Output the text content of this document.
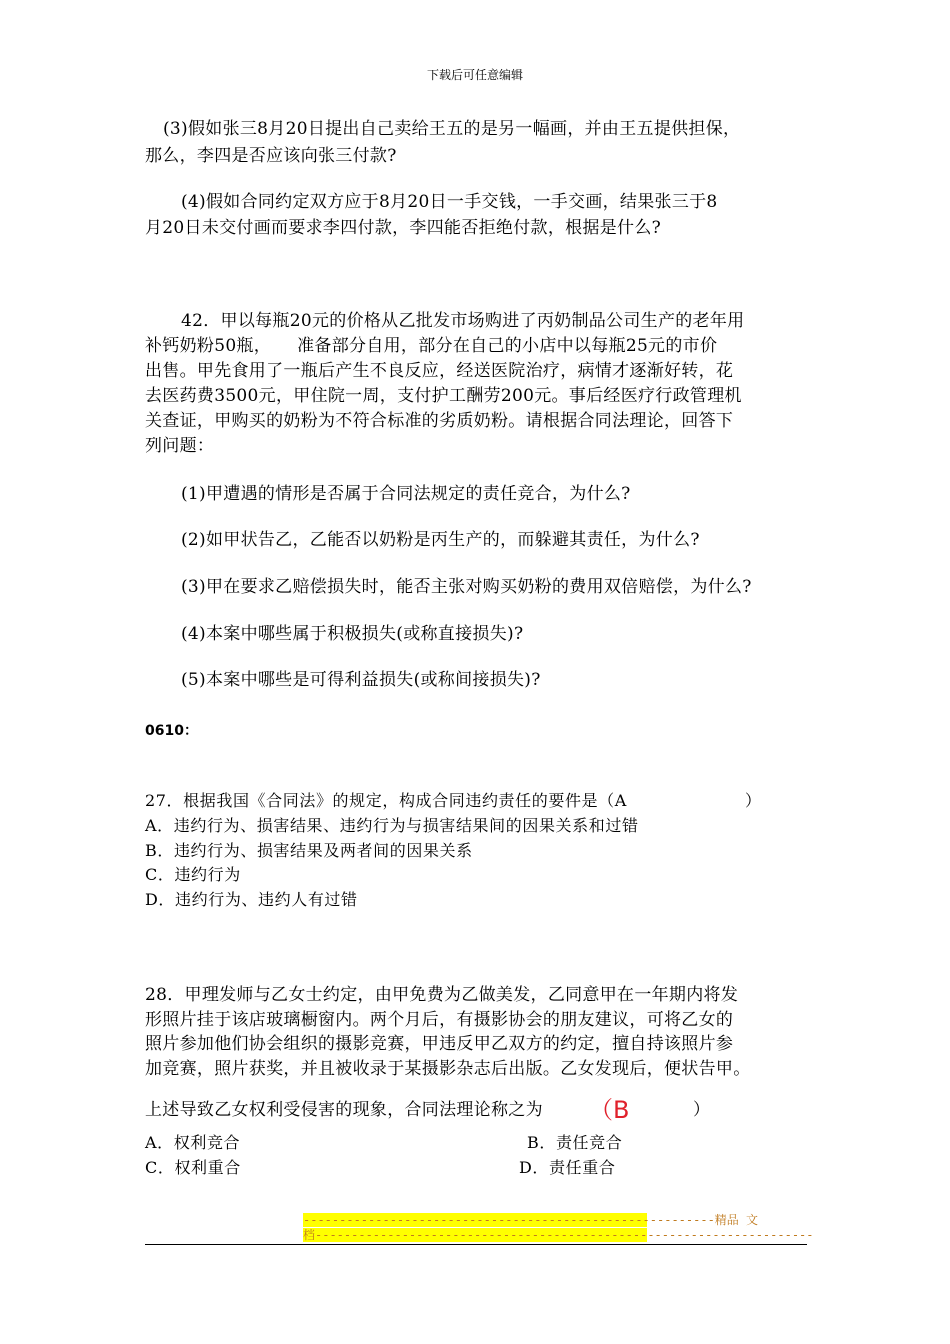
下载后可任意编辑
(3)假如张三8月20日提出自己卖给王五的是另一幅画，并由王五提供担保，
那么，李四是否应该向张三付款?
(4)假如合同约定双方应于8月20日一手交钱，一手交画，结果张三于8
月20日未交付画而要求李四付款，李四能否拒绝付款，根据是什么?
42．甲以每瓶20元的价格从乙批发市场购进了丙奶制品公司生产的老年用
补钙奶粉50瓶，　　准备部分自用，部分在自己的小店中以每瓶25元的市价
出售。甲先食用了一瓶后产生不良反应，经送医院治疗，病情才逐渐好转，花
去医药费3500元，甲住院一周，支付护工酬劳200元。事后经医疗行政管理机
关查证，甲购买的奶粉为不符合标准的劣质奶粉。请根据合同法理论，回答下
列问题：
(1)甲遭遇的情形是否属于合同法规定的责任竞合，为什么?
(2)如甲状告乙，乙能否以奶粉是丙生产的，而躲避其责任，为什么?
(3)甲在要求乙赔偿损失时，能否主张对购买奶粉的费用双倍赔偿，为什么?
(4)本案中哪些属于积极损失(或称直接损失)?
(5)本案中哪些是可得利益损失(或称间接损失)?
0610：
27．根据我国《合同法》的规定，构成合同违约责任的要件是（A	）
A．违约行为、损害结果、违约行为与损害结果间的因果关系和过错
B．违约行为、损害结果及两者间的因果关系
C．违约行为
D．违约行为、违约人有过错
28．甲理发师与乙女士约定，由甲免费为乙做美发，乙同意甲在一年期内将发
形照片挂于该店玻璃橱窗内。两个月后，有摄影协会的朋友建议，可将乙女的
照片参加他们协会组织的摄影竞赛，甲违反甲乙双方的约定，擅自持该照片参
加竞赛，照片获奖，并且被收录于某摄影杂志后出版。乙女发现后，便状告甲。
上述导致乙女权利受侵害的现象，合同法理论称之为 （B	）
A．权利竞合	B．责任竞合
C．权利重合	D．责任重合
---------------------------------------------------------精品 文
档---------------------------------------------------------------------
